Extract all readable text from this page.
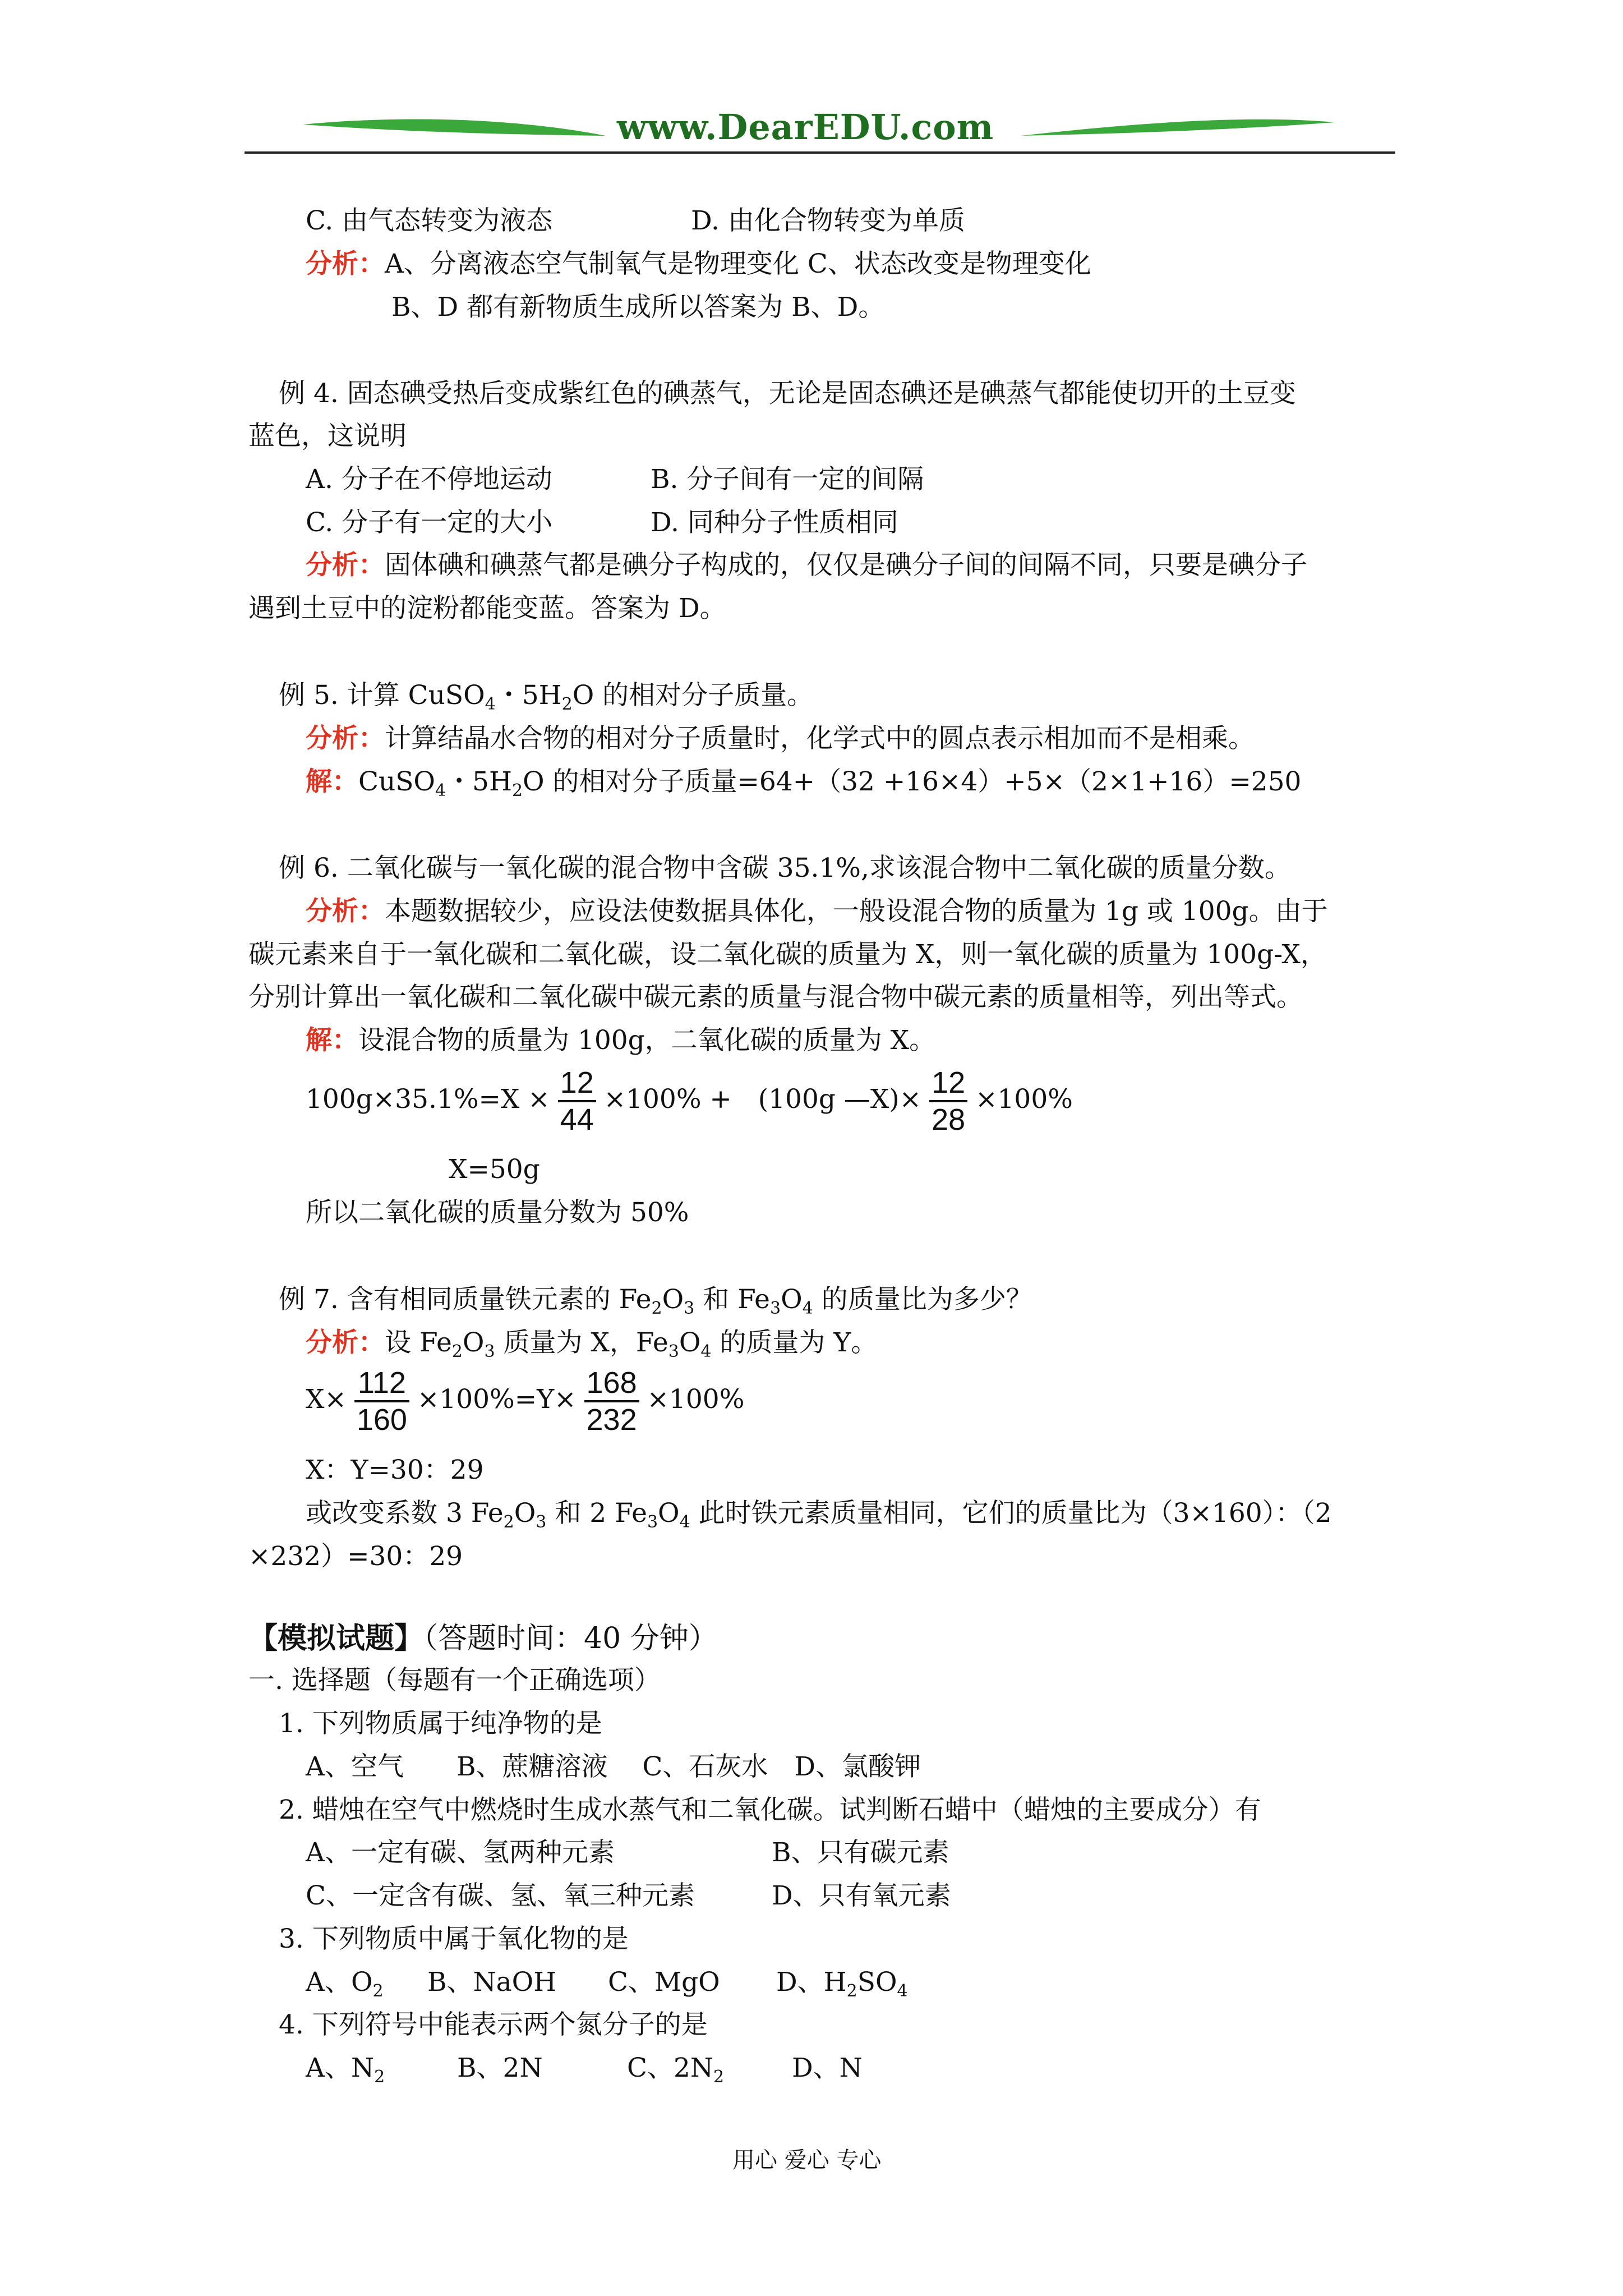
www.DearEDU.com
C. 由气态转变为液态	D. 由化合物转变为单质
分析：A、分离液态空气制氧气是物理变化 C、状态改变是物理变化
B、D 都有新物质生成所以答案为 B、D。
例 4. 固态碘受热后变成紫红色的碘蒸气，无论是固态碘还是碘蒸气都能使切开的土豆变
蓝色，这说明
A. 分子在不停地运动	B. 分子间有一定的间隔
C. 分子有一定的大小	D. 同种分子性质相同
分析：固体碘和碘蒸气都是碘分子构成的，仅仅是碘分子间的间隔不同，只要是碘分子
遇到土豆中的淀粉都能变蓝。答案为 D。
例 5. 计算 CuSO$_4$・$5H_2O$ 的相对分子质量。
分析：计算结晶水合物的相对分子质量时，化学式中的圆点表示相加而不是相乘。
解：CuSO$_4$・$5H_2O$ 的相对分子质量=64+（32 +16×4）+5×（2×1+16）=250
例 6. 二氧化碳与一氧化碳的混合物中含碳 35.1%,求该混合物中二氧化碳的质量分数。
分析：本题数据较少，应设法使数据具体化，一般设混合物的质量为 1g 或 100g。由于
碳元素来自于一氧化碳和二氧化碳，设二氧化碳的质量为 X，则一氧化碳的质量为 100g-X，
分别计算出一氧化碳和二氧化碳中碳元素的质量与混合物中碳元素的质量相等，列出等式。
解：设混合物的质量为 100g，二氧化碳的质量为 X。
$100g\times 35.1\%=X \times \frac{12}{44} \times 100\%$ +　(100g —X)× $\frac{12}{28} \times 100\%$
X=50g
所以二氧化碳的质量分数为 50%
例 7. 含有相同质量铁元素的 $Fe_2O_3$ 和 $Fe_3O_4$ 的质量比为多少？
分析：设 $Fe_2O_3$ 质量为 X，$Fe_3O_4$ 的质量为 Y。
$X\times \frac{112}{160} \times 100\%=Y\times \frac{168}{232} \times 100\%$
X：Y=30：29
或改变系数 3 $Fe_2O_3$ 和 2 $Fe_3O_4$ 此时铁元素质量相同，它们的质量比为（3×160）：（2
×232）=30：29
【模拟试题】（答题时间：40 分钟）
一. 选择题（每题有一个正确选项）
1. 下列物质属于纯净物的是
A、空气　　B、蔗糖溶液　 C、石灰水　D、氯酸钾
2. 蜡烛在空气中燃烧时生成水蒸气和二氧化碳。试判断石蜡中（蜡烛的主要成分）有
A、一定有碳、氢两种元素	B、只有碳元素
C、一定含有碳、氢、氧三种元素	D、只有氧元素
3. 下列物质中属于氧化物的是
A、$O_2$ B、NaOH C、MgO D、$H_2SO_4$
4. 下列符号中能表示两个氮分子的是
A、$N_2$	B、2N	C、$2N_2$	D、N
用心 爱心 专心
